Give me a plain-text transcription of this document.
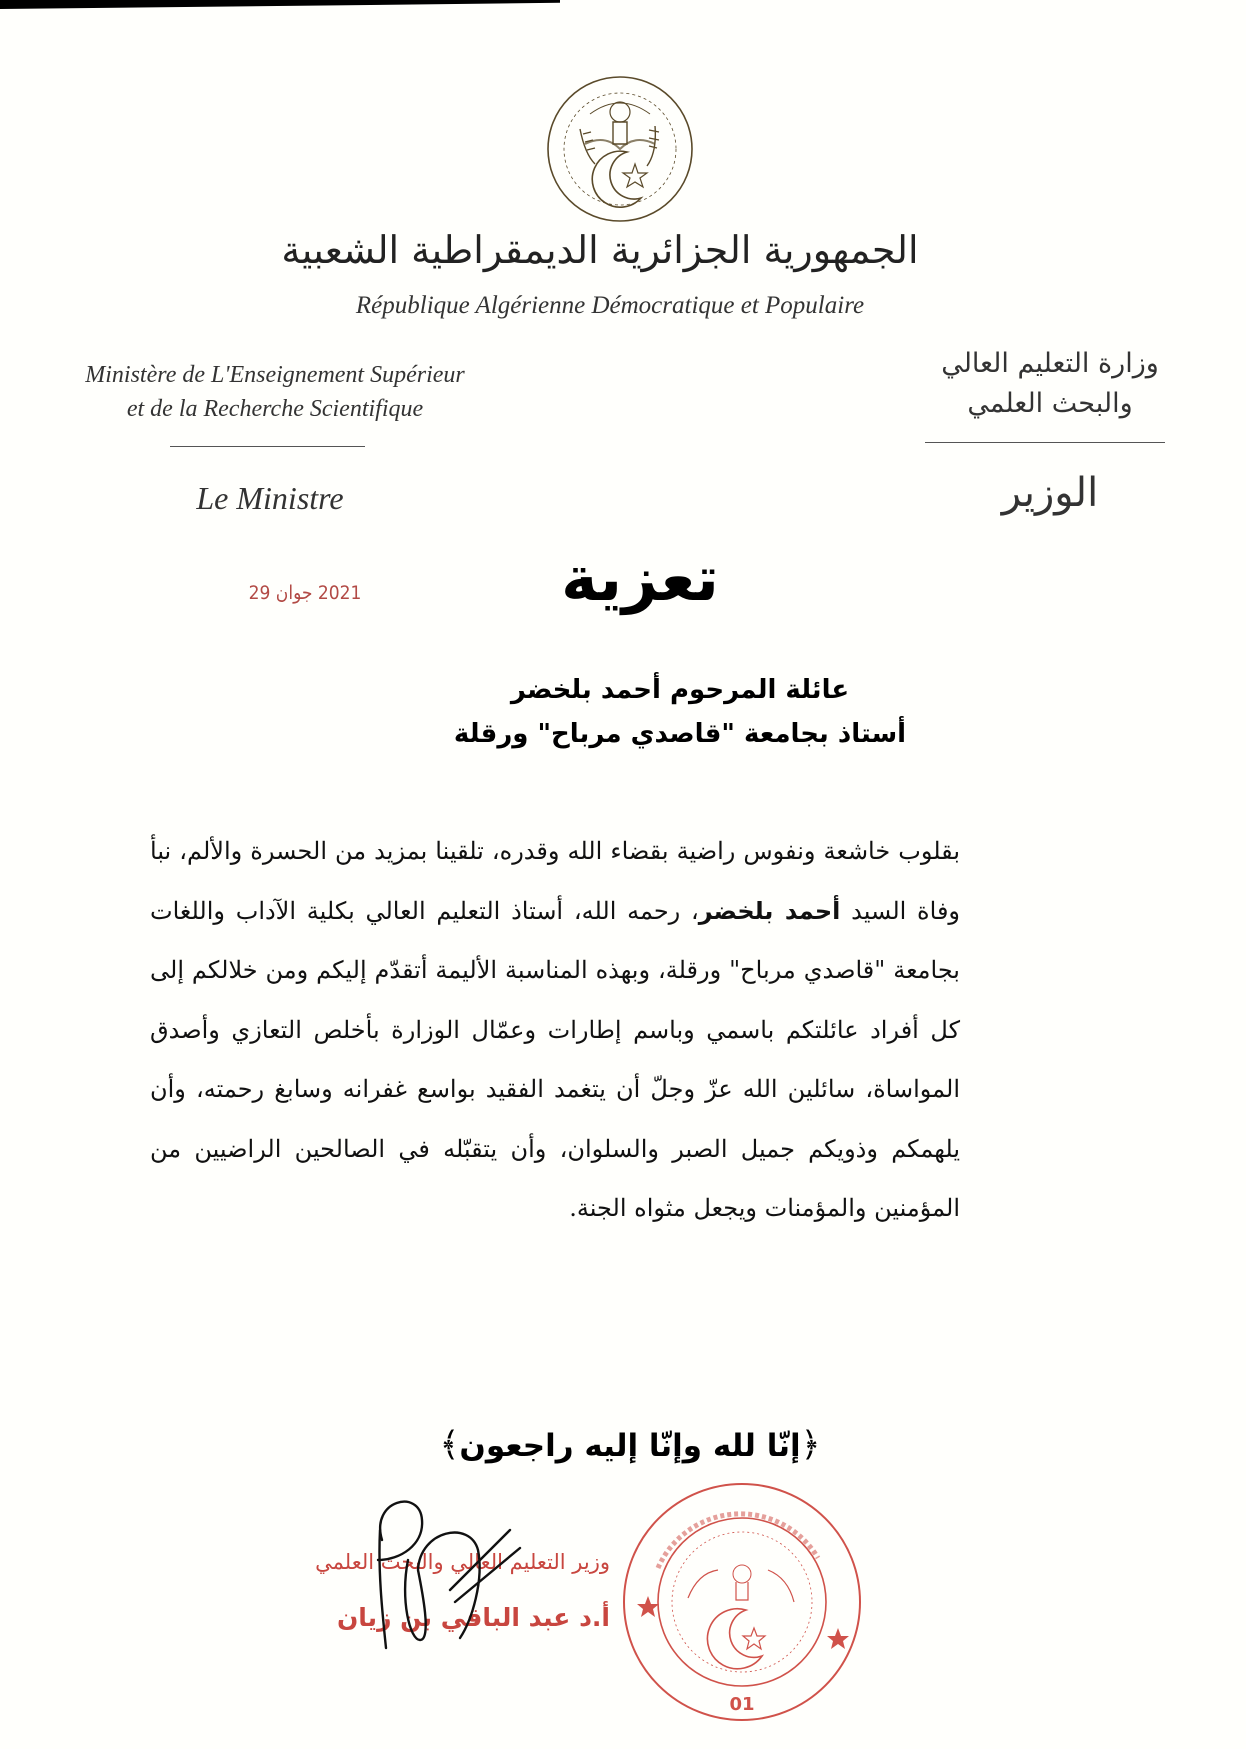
الجمهورية الجزائرية الديمقراطية الشعبية
République Algérienne Démocratique et Populaire
Ministère de L'Enseignement Supérieur
et de la Recherche Scientifique
Le Ministre
وزارة التعليم العالي
والبحث العلمي
الوزير
2021 جوان 29	تعزية
عائلة المرحوم أحمد بلخضر
أستاذ بجامعة "قاصدي مرباح" ورقلة
بقلوب خاشعة ونفوس راضية بقضاء الله وقدره، تلقينا بمزيد من الحسرة والألم، نبأ وفاة السيد أحمد بلخضر، رحمه الله، أستاذ التعليم العالي بكلية الآداب واللغات بجامعة "قاصدي مرباح" ورقلة، وبهذه المناسبة الأليمة أتقدّم إليكم ومن خلالكم إلى كل أفراد عائلتكم باسمي وباسم إطارات وعمّال الوزارة بأخلص التعازي وأصدق المواساة، سائلين الله عزّ وجلّ أن يتغمد الفقيد بواسع غفرانه وسابغ رحمته، وأن يلهمكم وذويكم جميل الصبر والسلوان، وأن يتقبّله في الصالحين الراضيين من المؤمنين والمؤمنات ويجعل مثواه الجنة.
﴿إنّا لله وإنّا إليه راجعون﴾
وزير التعليم العالي والبحث العلمي
أ.د عبد الباقي بن زيان
01
